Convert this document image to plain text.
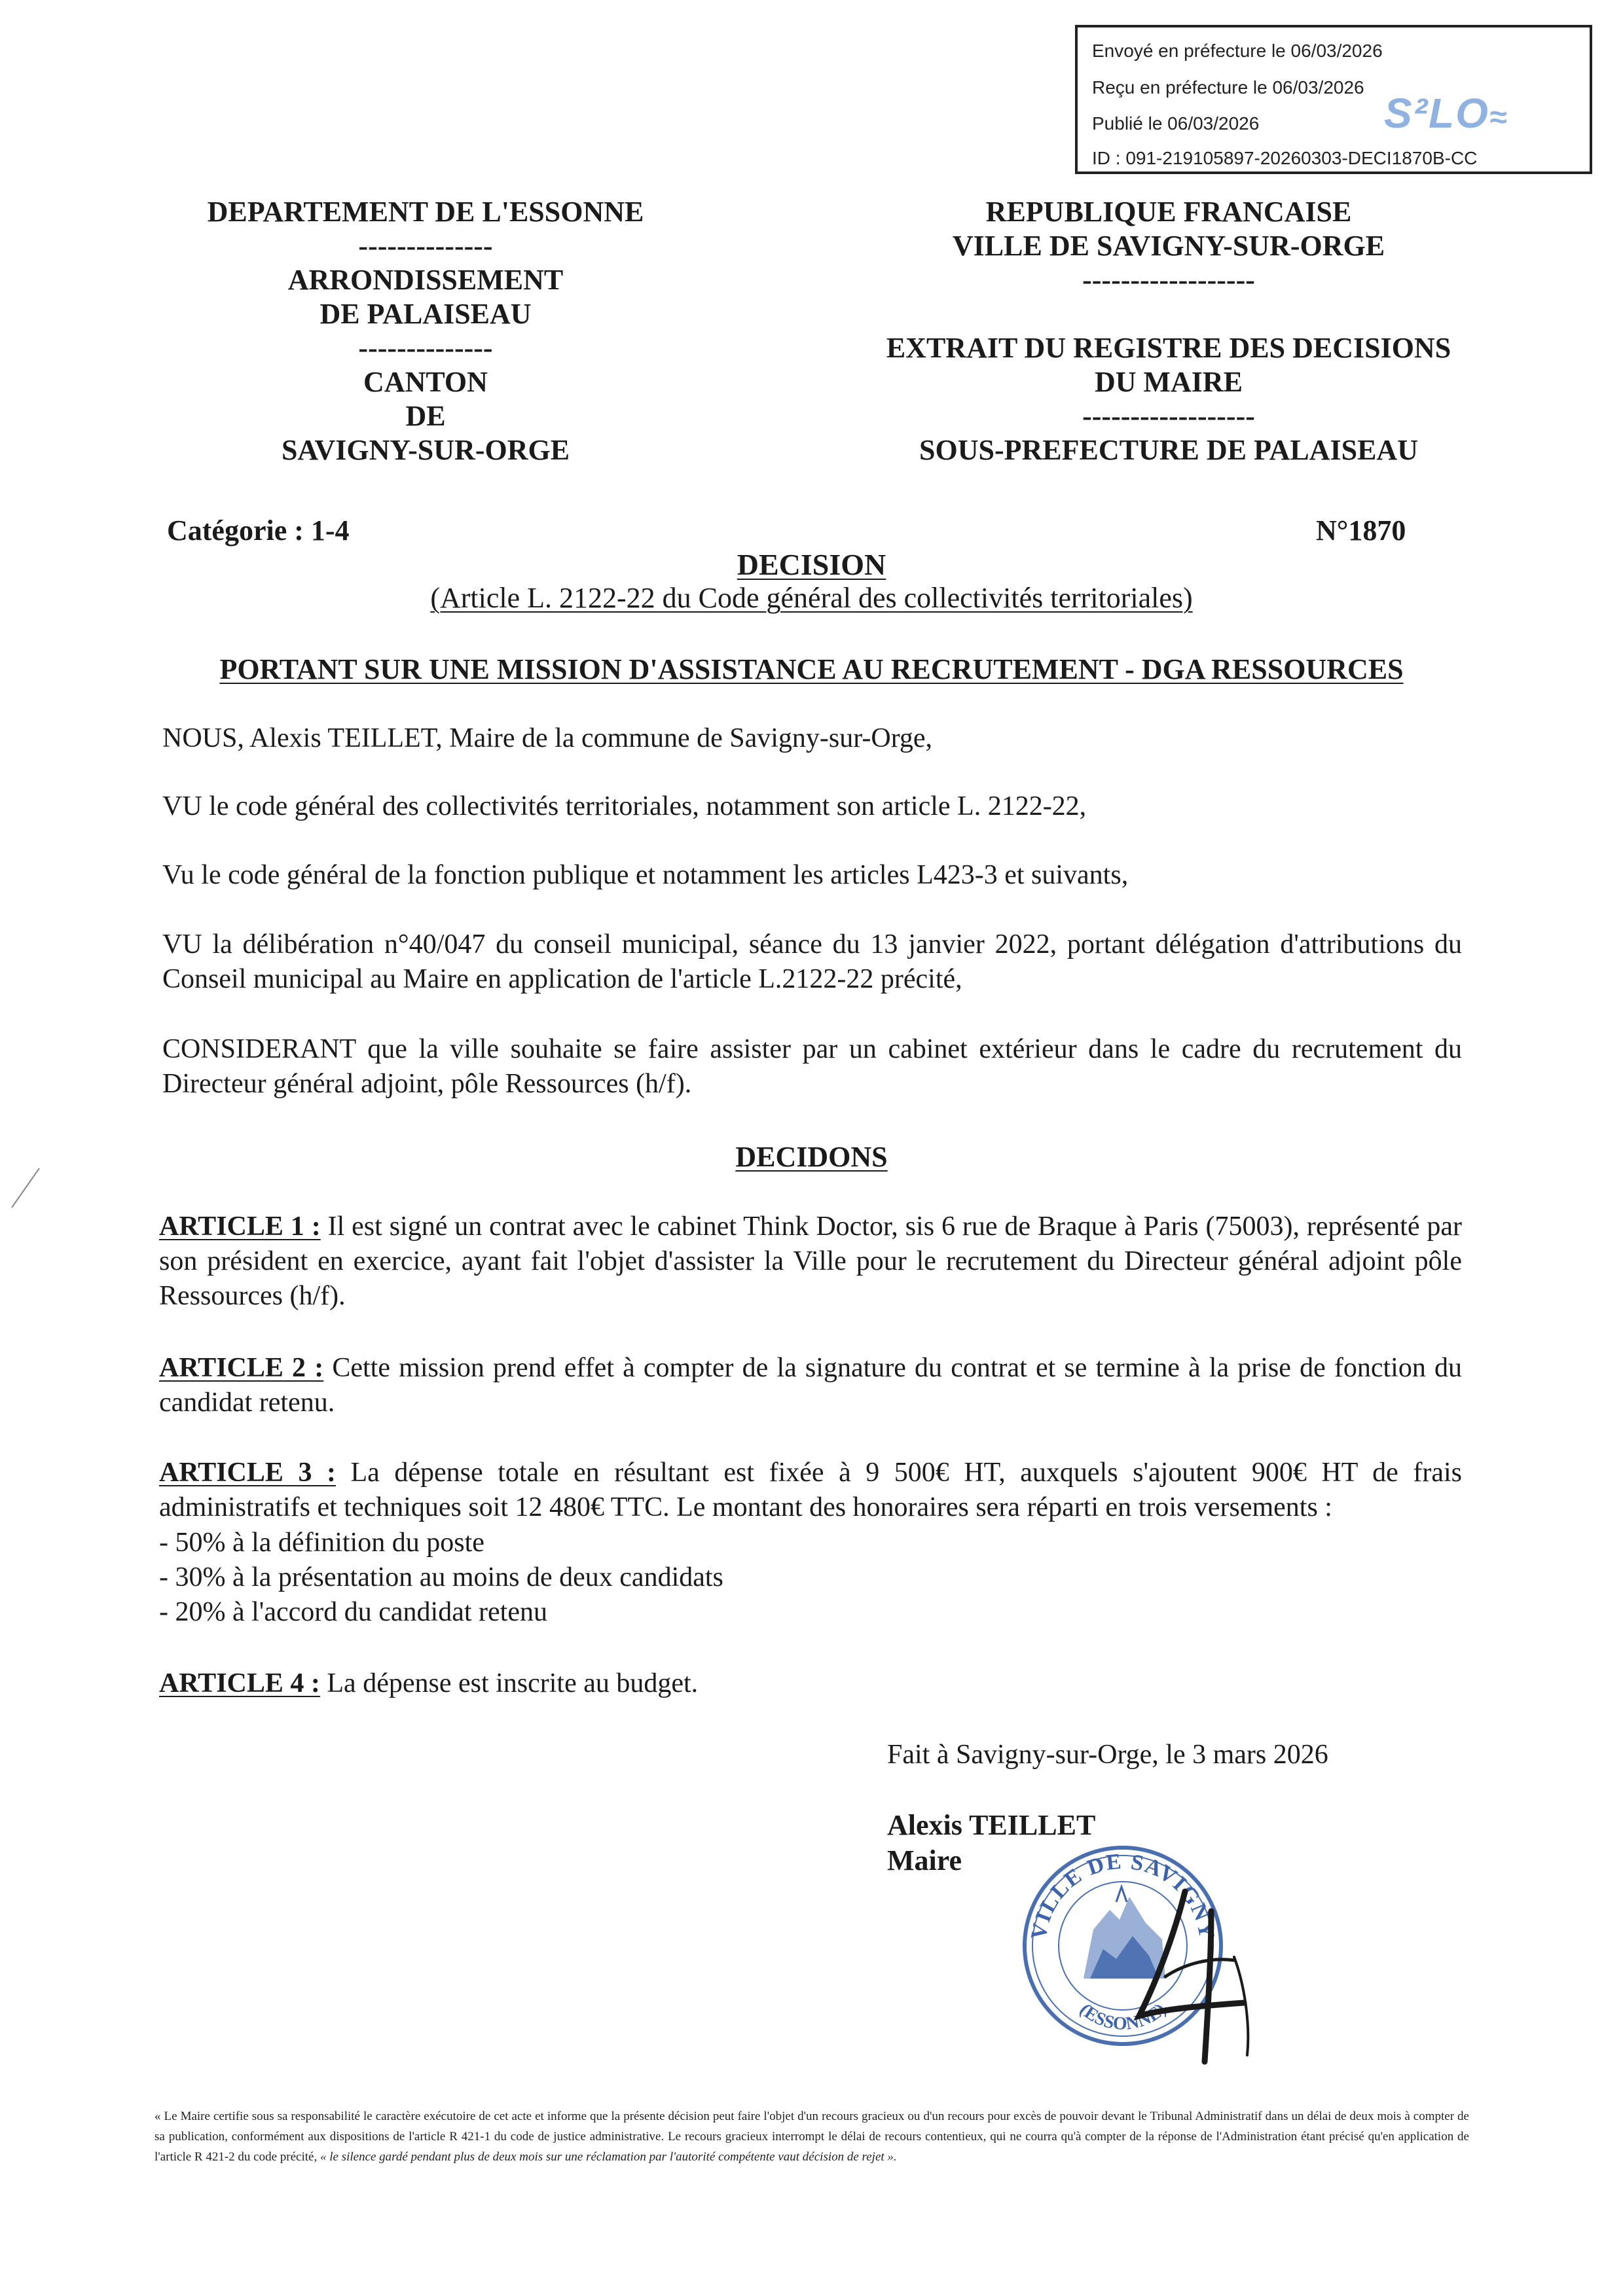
Envoyé en préfecture le 06/03/2026
Reçu en préfecture le 06/03/2026
Publié le 06/03/2026
ID : 091-219105897-20260303-DECI1870B-CC
S²LO≈
DEPARTEMENT DE L'ESSONNE
--------------
ARRONDISSEMENT
DE PALAISEAU
--------------
CANTON
DE
SAVIGNY-SUR-ORGE
REPUBLIQUE FRANCAISE
VILLE DE SAVIGNY-SUR-ORGE
------------------
EXTRAIT DU REGISTRE DES DECISIONS
DU MAIRE
------------------
SOUS-PREFECTURE DE PALAISEAU
Catégorie : 1-4	N°1870
DECISION
(Article L. 2122-22 du Code général des collectivités territoriales)
PORTANT SUR UNE MISSION D'ASSISTANCE AU RECRUTEMENT - DGA RESSOURCES
NOUS, Alexis TEILLET, Maire de la commune de Savigny-sur-Orge,
VU le code général des collectivités territoriales, notamment son article L. 2122-22,
Vu le code général de la fonction publique et notamment les articles L423-3 et suivants,
VU la délibération n°40/047 du conseil municipal, séance du 13 janvier 2022, portant délégation d'attributions du Conseil municipal au Maire en application de l'article L.2122-22 précité,
CONSIDERANT que la ville souhaite se faire assister par un cabinet extérieur dans le cadre du recrutement du Directeur général adjoint, pôle Ressources (h/f).
DECIDONS
ARTICLE 1 : Il est signé un contrat avec le cabinet Think Doctor, sis 6 rue de Braque à Paris (75003), représenté par son président en exercice, ayant fait l'objet d'assister la Ville pour le recrutement du Directeur général adjoint pôle Ressources (h/f).
ARTICLE 2 : Cette mission prend effet à compter de la signature du contrat et se termine à la prise de fonction du candidat retenu.
ARTICLE 3 : La dépense totale en résultant est fixée à 9 500€ HT, auxquels s'ajoutent 900€ HT de frais administratifs et techniques soit 12 480€ TTC. Le montant des honoraires sera réparti en trois versements :
- 50% à la définition du poste
- 30% à la présentation au moins de deux candidats
- 20% à l'accord du candidat retenu
ARTICLE 4 : La dépense est inscrite au budget.
Fait à Savigny-sur-Orge, le 3 mars 2026
Alexis TEILLET
Maire
VILLE DE SAVIGNY
(ESSONNE)
« Le Maire certifie sous sa responsabilité le caractère exécutoire de cet acte et informe que la présente décision peut faire l'objet d'un recours gracieux ou d'un recours pour excès de pouvoir devant le Tribunal Administratif dans un délai de deux mois à compter de sa publication, conformément aux dispositions de l'article R 421-1 du code de justice administrative. Le recours gracieux interrompt le délai de recours contentieux, qui ne courra qu'à compter de la réponse de l'Administration étant précisé qu'en application de l'article R 421-2 du code précité, « le silence gardé pendant plus de deux mois sur une réclamation par l'autorité compétente vaut décision de rejet ».
